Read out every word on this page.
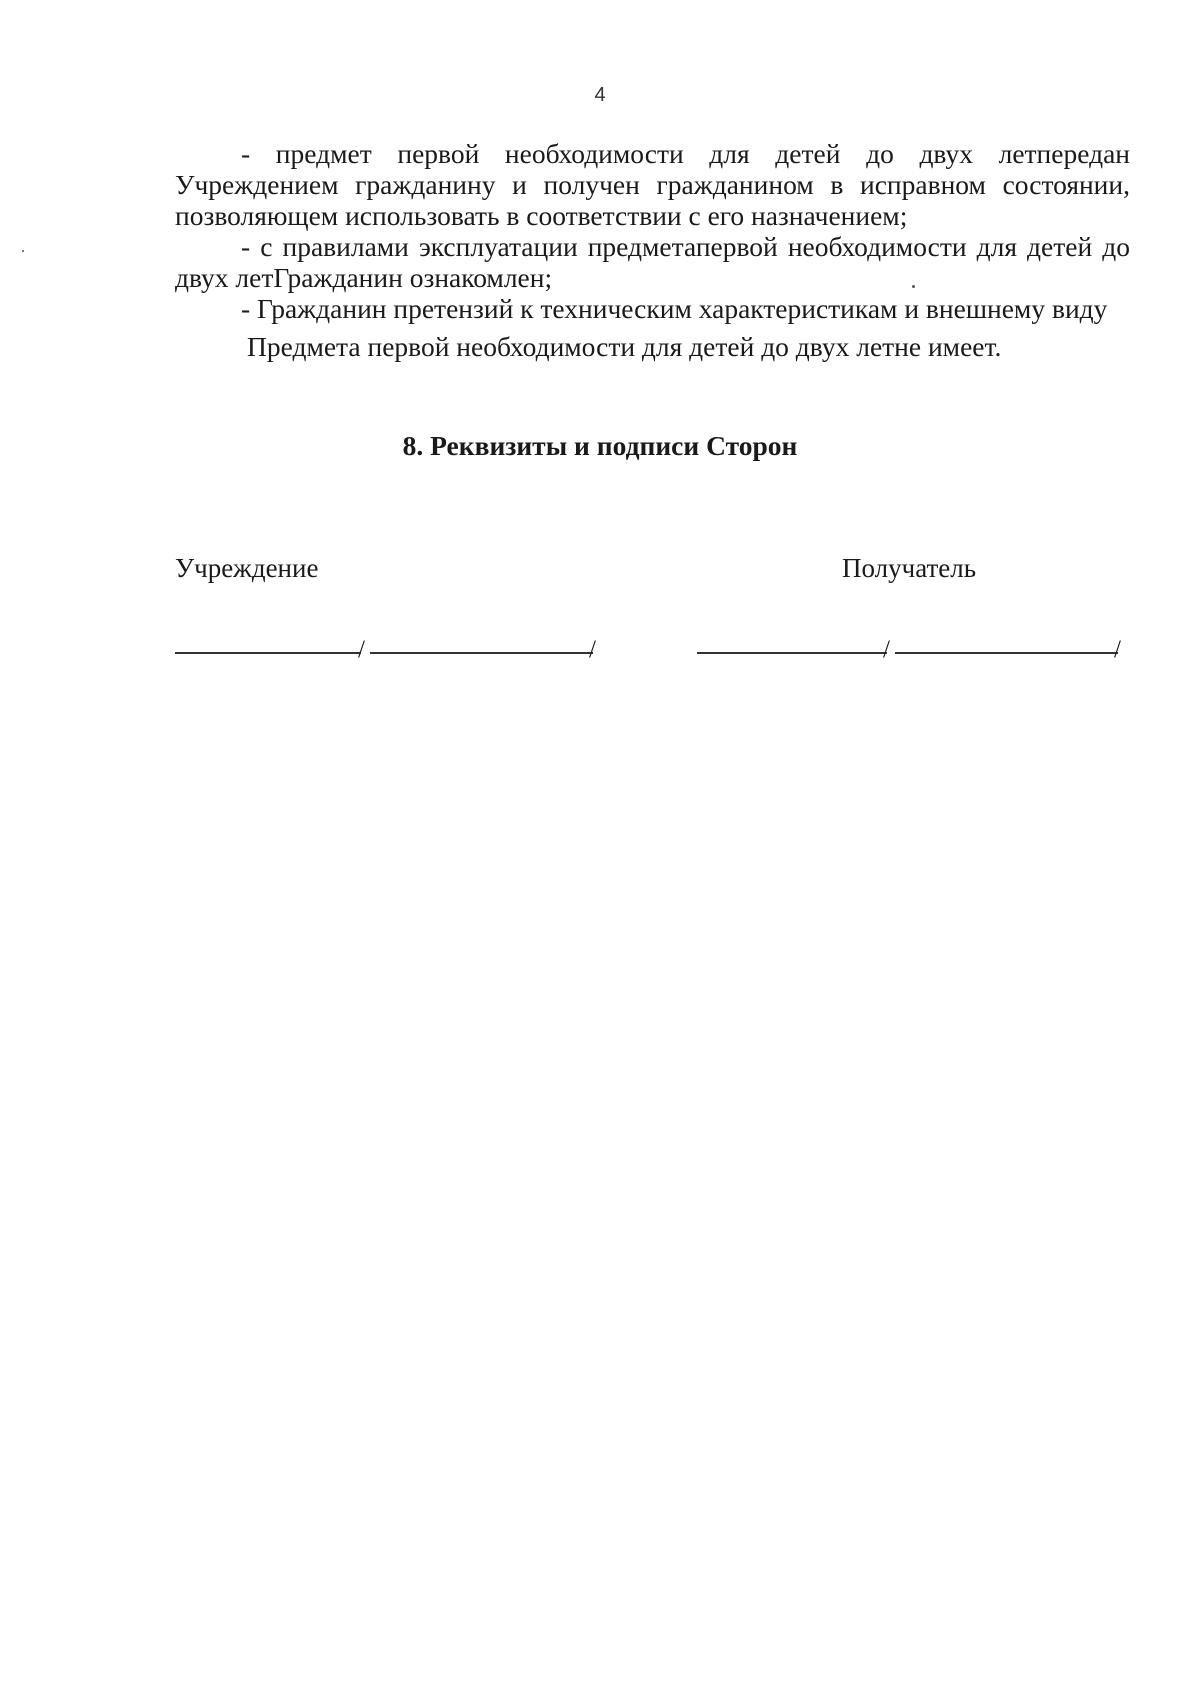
4

- предмет первой необходимости для детей до двух летпередан Учреждением гражданину и получен гражданином в исправном состоянии, позволяющем использовать в соответствии с его назначением;

- с правилами эксплуатации предметапервой необходимости для детей до двух летГражданин ознакомлен;

- Гражданин претензий к техническим характеристикам и внешнему виду

Предмета первой необходимости для детей до двух летне имеет.

8. Реквизиты и подписи Сторон
Учреждение	Получатель
/	/	/	/
